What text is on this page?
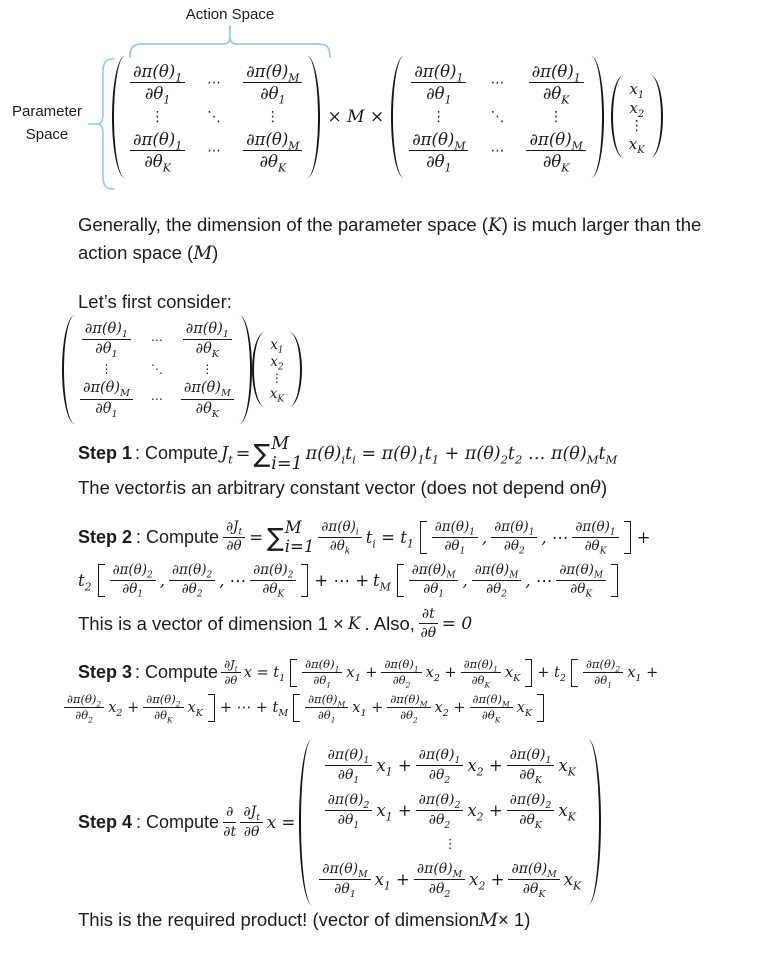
Action Space
Parameter Space
$\frac{\partial\pi(\theta)_1}{\partial\theta_1}$ ⋯ $\frac{\partial\pi(\theta)_M}{\partial\theta_1}$
⋮	⋱	⋮
$\frac{\partial\pi(\theta)_1}{\partial\theta_K}$ ⋯ $\frac{\partial\pi(\theta)_M}{\partial\theta_K}$
× M ×
$\frac{\partial\pi(\theta)_1}{\partial\theta_1}$ ⋯ $\frac{\partial\pi(\theta)_1}{\partial\theta_K}$
⋮	⋱	⋮
$\frac{\partial\pi(\theta)_M}{\partial\theta_1}$ ⋯ $\frac{\partial\pi(\theta)_M}{\partial\theta_K}$
$x_1$
$x_2$
⋮
$x_K$

Generally, the dimension of the parameter space (K) is much larger than the action space (M)

Let’s first consider:

$\frac{\partial\pi(\theta)_1}{\partial\theta_1}$ ⋯ $\frac{\partial\pi(\theta)_1}{\partial\theta_K}$
⋮	⋱	⋮
$\frac{\partial\pi(\theta)_M}{\partial\theta_1}$ ⋯ $\frac{\partial\pi(\theta)_M}{\partial\theta_K}$
$x_1$
$x_2$
⋮
$x_K$
Step 1 : Compute $J_t$ = ∑ M
i=1 $\pi(\theta)_it_i = \pi(\theta)_1t_1 + \pi(\theta)_2t_2$ … $\pi(\theta)_Mt_M$
The vector t is an arbitrary constant vector (does not depend on θ )
Step 2 : Compute $\frac{\partial J_t}{\partial\theta}$ = ∑ M
$i=1 \frac{\partial\pi(\theta)_i}{\partial\theta_k} t_i = t_1 \frac{\partial\pi(\theta)_1}{\partial\theta_1}$ , $\frac{\partial\pi(\theta)_1}{\partial\theta_2}$ , ⋯ $\frac{\partial\pi(\theta)_1}{\partial\theta_K}$ +
$t_2 \frac{\partial\pi(\theta)_2}{\partial\theta_1}$ , $\frac{\partial\pi(\theta)_2}{\partial\theta_2}$ , ⋯ $\frac{\partial\pi(\theta)_2}{\partial\theta_K}$ + ⋯ + $t_M \frac{\partial\pi(\theta)_M}{\partial\theta_1}$ , $\frac{\partial\pi(\theta)_M}{\partial\theta_2}$ , ⋯ $\frac{\partial\pi(\theta)_M}{\partial\theta_K}$
This is a vector of dimension 1 × K . Also, $\frac{\partial t}{\partial\theta} = 0$
Step 3 : Compute $\frac{\partial J_t}{\partial\theta}$ $x = t_1 \frac{\partial\pi(\theta)_1}{\partial\theta_1} x_1 + \frac{\partial\pi(\theta)_1}{\partial\theta_2} x_2 + \frac{\partial\pi(\theta)_1}{\partial\theta_K} x_K + t_2 \frac{\partial\pi(\theta)_2}{\partial\theta_1} x_1$ +
$\frac{\partial\pi(\theta)_2}{\partial\theta_2} x_2 + \frac{\partial\pi(\theta)_2}{\partial\theta_K} x_K$ + ⋯ + $t_M \frac{\partial\pi(\theta)_M}{\partial\theta_1} x_1 + \frac{\partial\pi(\theta)_M}{\partial\theta_2} x_2 + \frac{\partial\pi(\theta)_M}{\partial\theta_K} x_K$
Step 4 : Compute $\frac{\partial}{\partial t} \frac{\partial J_t}{\partial\theta}$ x =
$\frac{\partial\pi(\theta)_1}{\partial\theta_1} x_1 + \frac{\partial\pi(\theta)_1}{\partial\theta_2} x_2 + \frac{\partial\pi(\theta)_1}{\partial\theta_K} x_K$
$\frac{\partial\pi(\theta)_2}{\partial\theta_1} x_1 + \frac{\partial\pi(\theta)_2}{\partial\theta_2} x_2 + \frac{\partial\pi(\theta)_2}{\partial\theta_K} x_K$
⋮
$\frac{\partial\pi(\theta)_M}{\partial\theta_1} x_1 + \frac{\partial\pi(\theta)_M}{\partial\theta_2} x_2 + \frac{\partial\pi(\theta)_M}{\partial\theta_K} x_K$
This is the required product! (vector of dimension M × 1)
